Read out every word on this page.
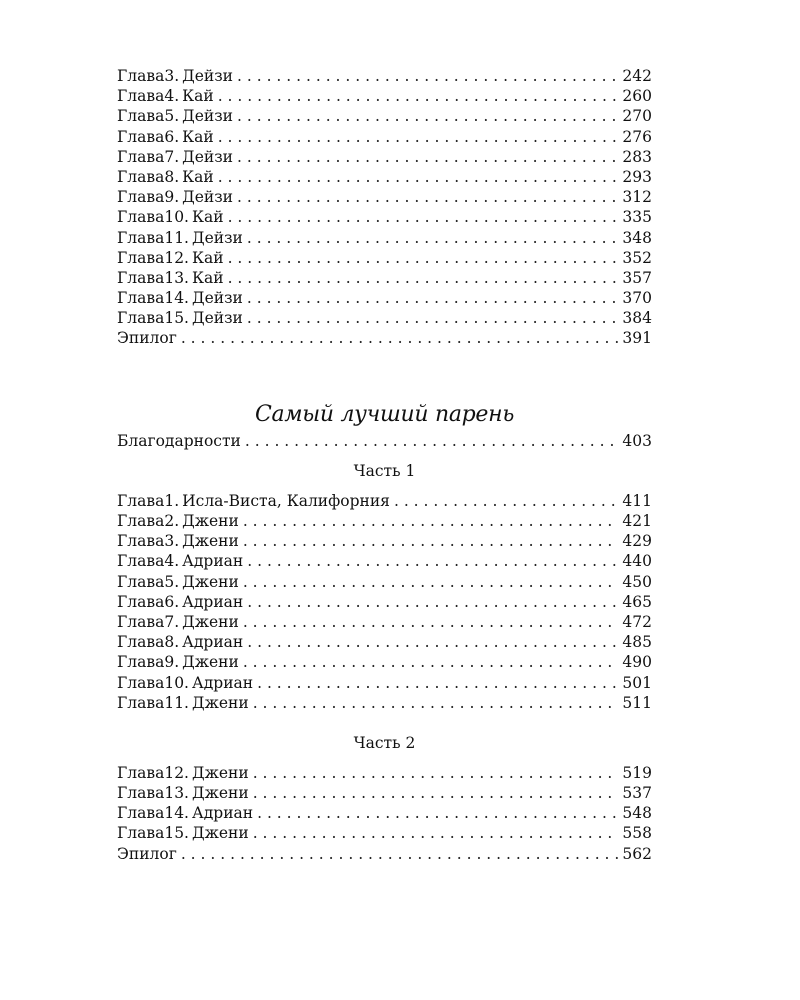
Глава 3. Дейзи . . .	242
Глава 4. Кай . . .	260
Глава 5. Дейзи . . .	270
Глава 6. Кай . . .	276
Глава 7. Дейзи . . .	283
Глава 8. Кай . . .	293
Глава 9. Дейзи . . .	312
Глава 10. Кай . . .	335
Глава 11. Дейзи . . .	348
Глава 12. Кай . . .	352
Глава 13. Кай . . .	357
Глава 14. Дейзи . . .	370
Глава 15. Дейзи . . .	384
Эпилог . . .	391
Самый лучший парень
Благодарности . . .	403
Часть 1
Глава 1. Исла-Виста, Калифорния . . .	411
Глава 2. Джени . . .	421
Глава 3. Джени . . .	429
Глава 4. Адриан . . .	440
Глава 5. Джени . . .	450
Глава 6. Адриан . . .	465
Глава 7. Джени . . .	472
Глава 8. Адриан . . .	485
Глава 9. Джени . . .	490
Глава 10. Адриан . . .	501
Глава 11. Джени . . .	511
Часть 2
Глава 12. Джени . . .	519
Глава 13. Джени . . .	537
Глава 14. Адриан . . .	548
Глава 15. Джени . . .	558
Эпилог . . .	562
